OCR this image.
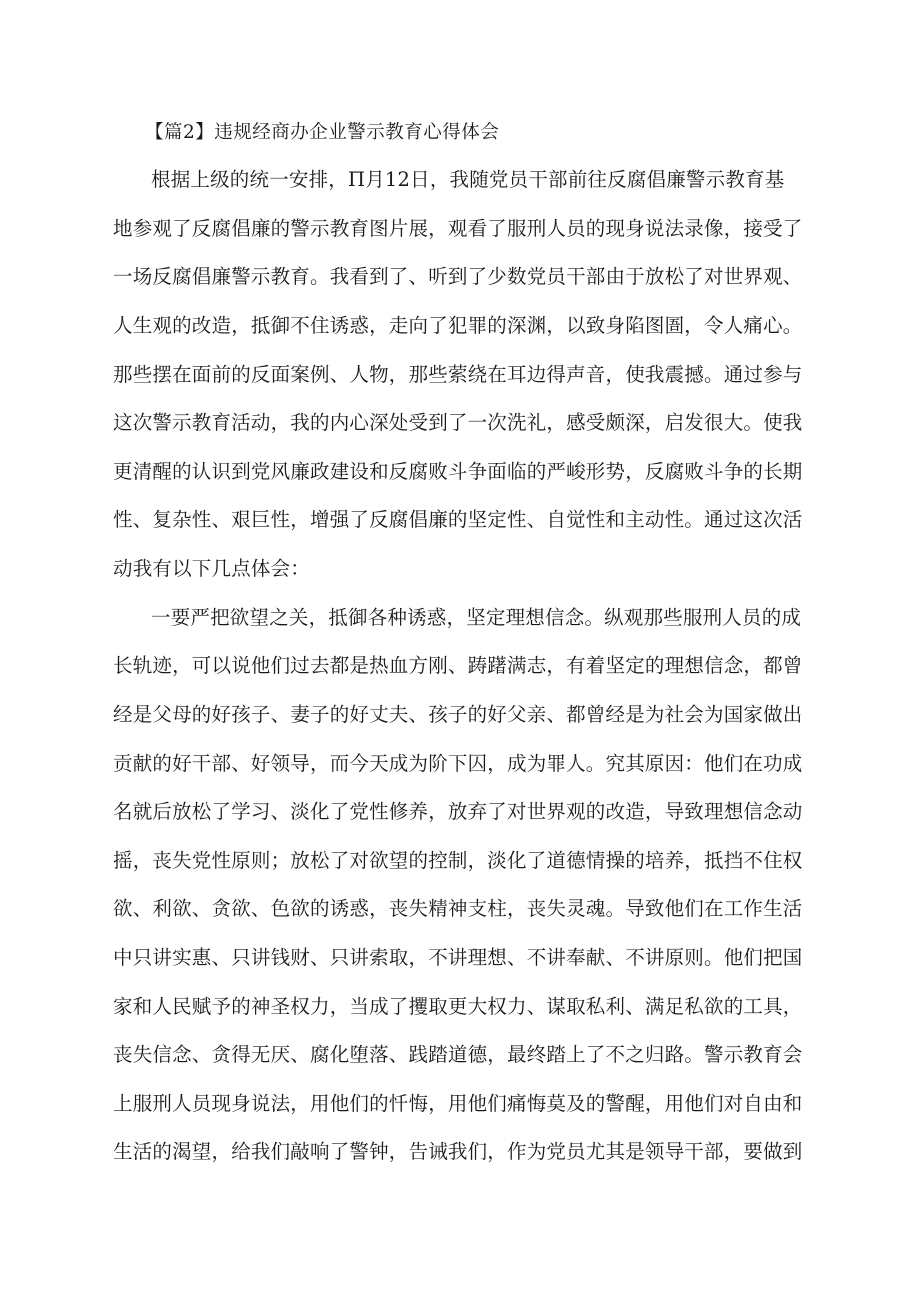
【篇2】违规经商办企业警示教育心得体会
根据上级的统一安排，Π月12日，我随党员干部前往反腐倡廉警示教育基
地参观了反腐倡廉的警示教育图片展，观看了服刑人员的现身说法录像，接受了
一场反腐倡廉警示教育。我看到了、听到了少数党员干部由于放松了对世界观、
人生观的改造，抵御不住诱惑，走向了犯罪的深渊，以致身陷图圄，令人痛心。
那些摆在面前的反面案例、人物，那些萦绕在耳边得声音，使我震撼。通过参与
这次警示教育活动，我的内心深处受到了一次洗礼，感受颇深，启发很大。使我
更清醒的认识到党风廉政建设和反腐败斗争面临的严峻形势，反腐败斗争的长期
性、复杂性、艰巨性，增强了反腐倡廉的坚定性、自觉性和主动性。通过这次活
动我有以下几点体会：
一要严把欲望之关，抵御各种诱惑，坚定理想信念。纵观那些服刑人员的成
长轨迹，可以说他们过去都是热血方刚、踌躇满志，有着坚定的理想信念，都曾
经是父母的好孩子、妻子的好丈夫、孩子的好父亲、都曾经是为社会为国家做出
贡献的好干部、好领导，而今天成为阶下囚，成为罪人。究其原因：他们在功成
名就后放松了学习、淡化了党性修养，放弃了对世界观的改造，导致理想信念动
摇，丧失党性原则；放松了对欲望的控制，淡化了道德情操的培养，抵挡不住权
欲、利欲、贪欲、色欲的诱惑，丧失精神支柱，丧失灵魂。导致他们在工作生活
中只讲实惠、只讲钱财、只讲索取，不讲理想、不讲奉献、不讲原则。他们把国
家和人民赋予的神圣权力，当成了攫取更大权力、谋取私利、满足私欲的工具，
丧失信念、贪得无厌、腐化堕落、践踏道德，最终踏上了不之归路。警示教育会
上服刑人员现身说法，用他们的忏悔，用他们痛悔莫及的警醒，用他们对自由和
生活的渴望，给我们敲响了警钟，告诫我们，作为党员尤其是领导干部，要做到
